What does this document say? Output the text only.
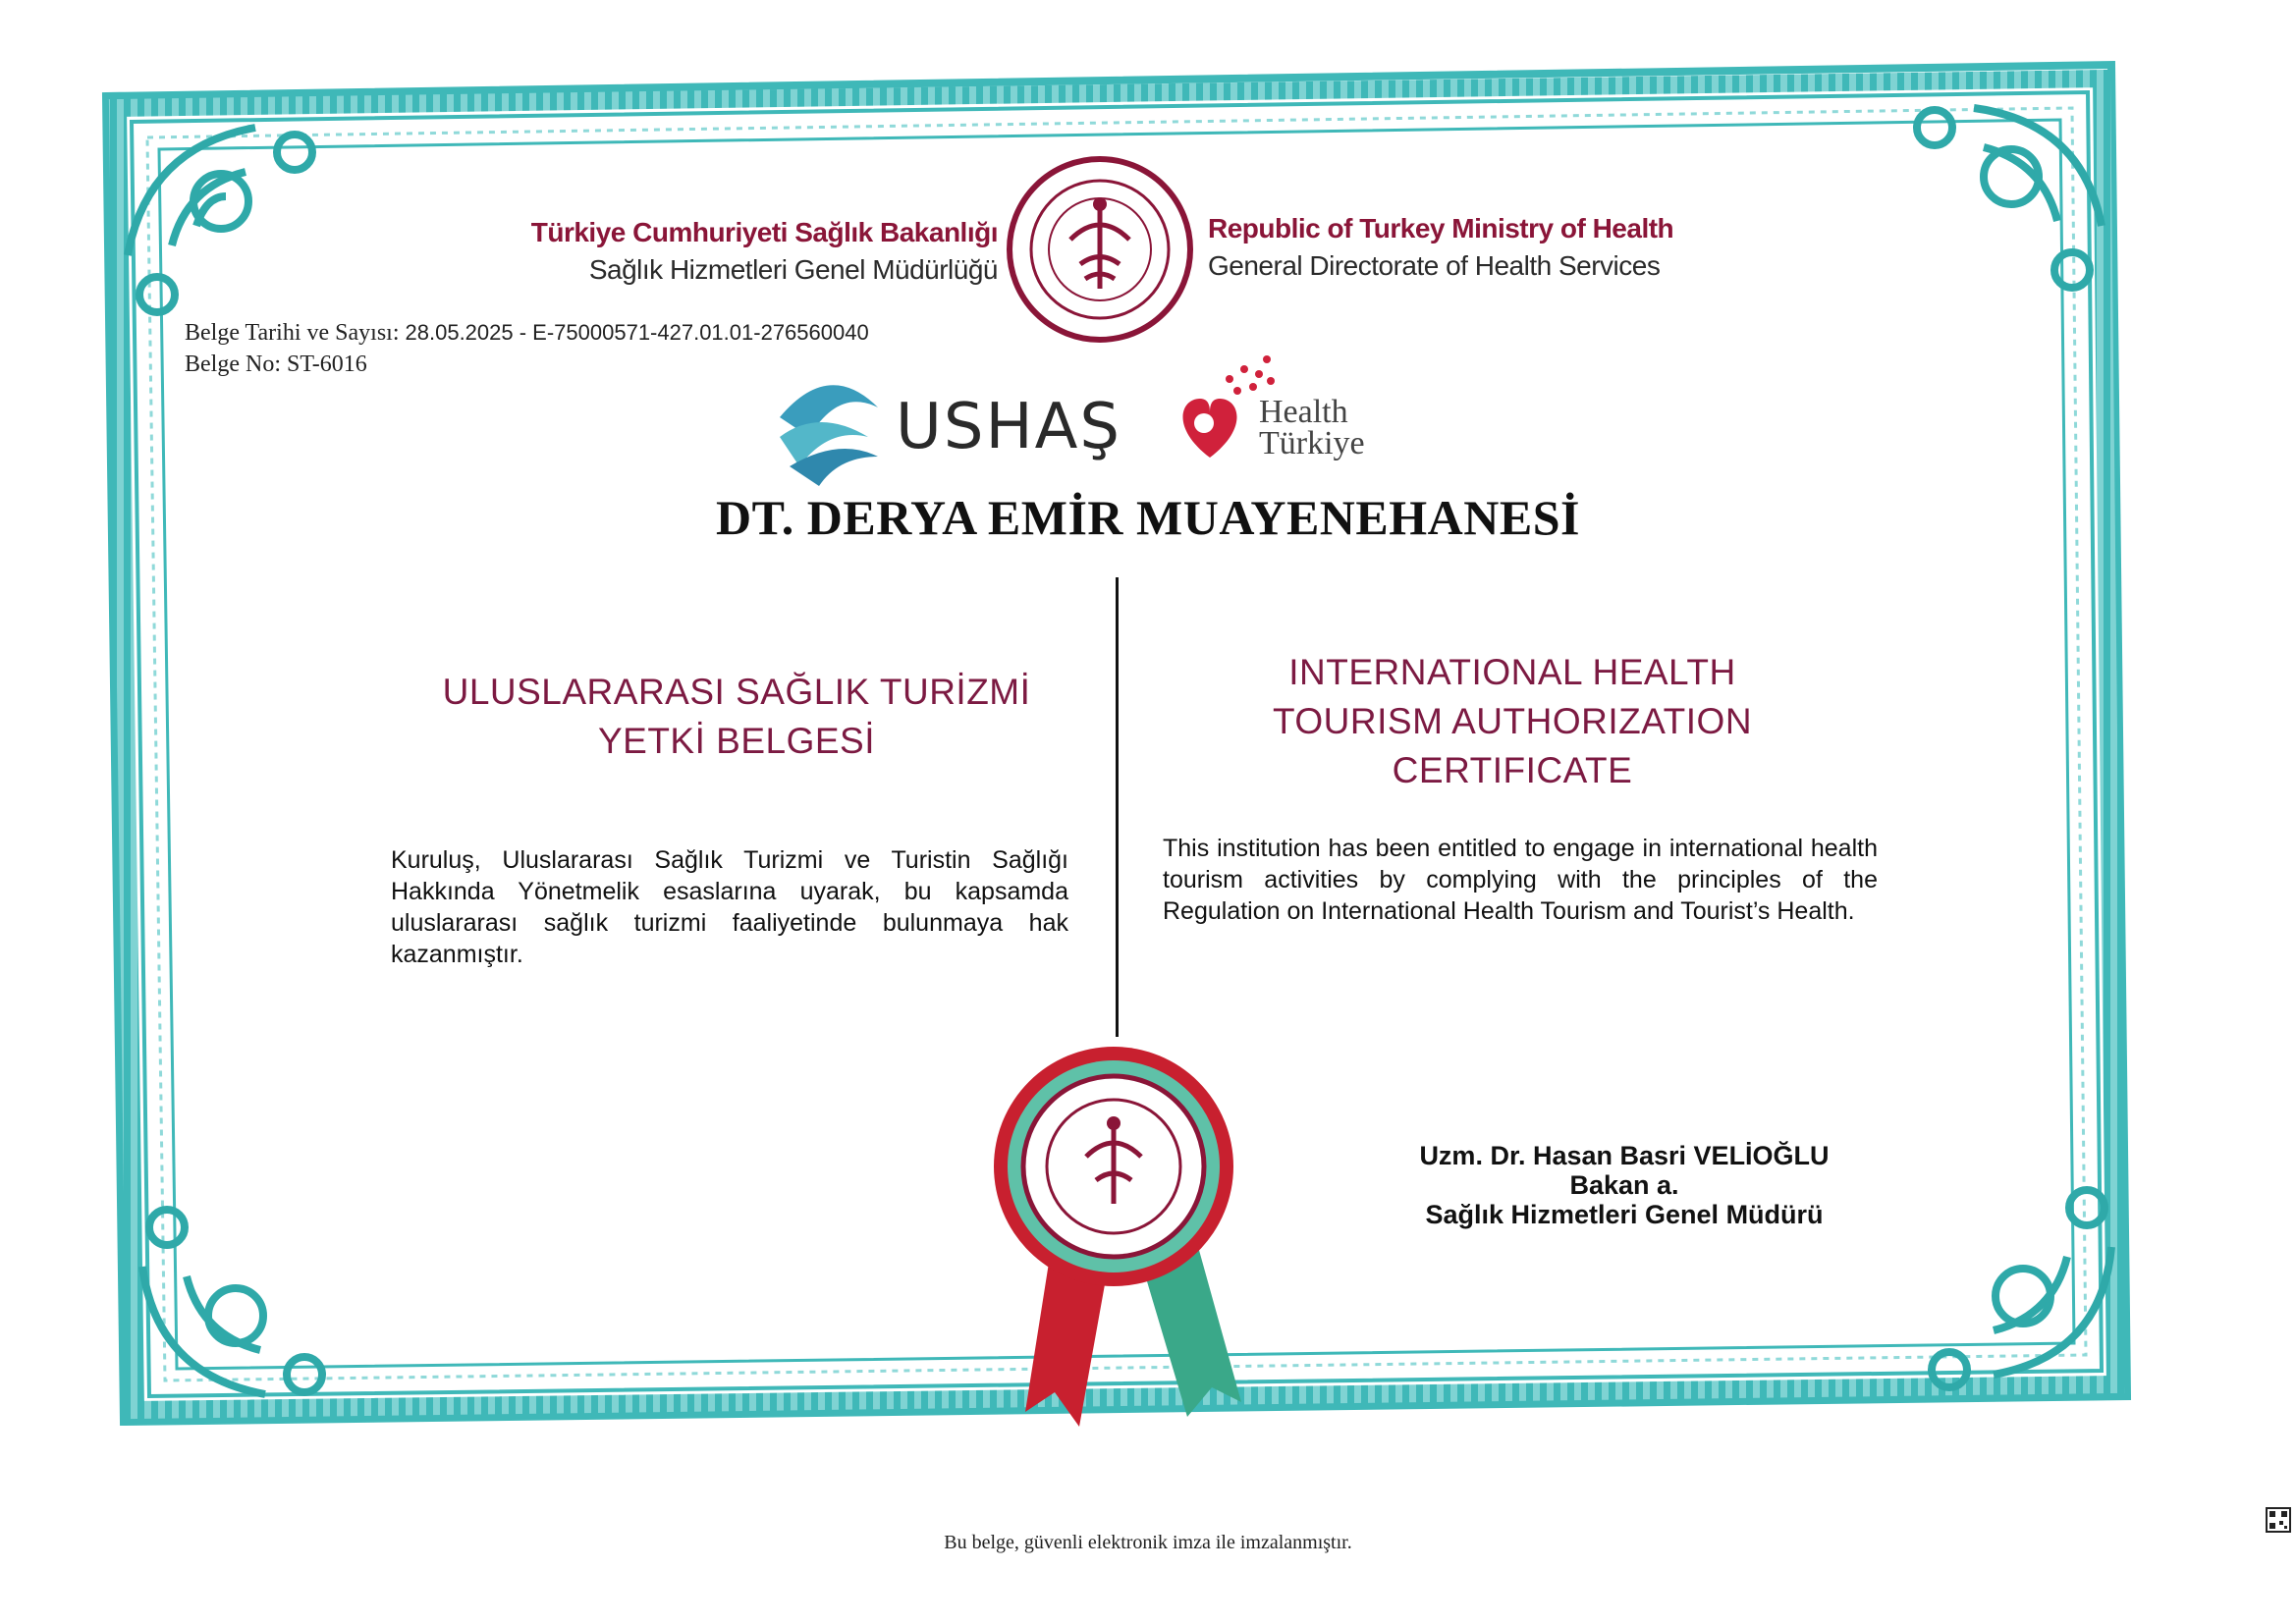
Türkiye Cumhuriyeti Sağlık Bakanlığı
Sağlık Hizmetleri Genel Müdürlüğü
Republic of Turkey Ministry of Health
General Directorate of Health Services
Belge Tarihi ve Sayısı: 28.05.2025 - E-75000571-427.01.01-276560040
Belge No: ST-6016
USHAŞ	Health
Türkiye
DT. DERYA EMİR MUAYENEHANESİ
ULUSLARARASI SAĞLIK TURİZMİ
YETKİ BELGESİ
INTERNATIONAL HEALTH
TOURISM AUTHORIZATION
CERTIFICATE
Kuruluş, Uluslararası Sağlık Turizmi ve Turistin Sağlığı Hakkında Yönetmelik esaslarına uyarak, bu kapsamda uluslararası sağlık turizmi faaliyetinde bulunmaya hak kazanmıştır.
This institution has been entitled to engage in international health tourism activities by complying with the principles of the Regulation on International Health Tourism and Tourist’s Health.
Uzm. Dr. Hasan Basri VELİOĞLU
Bakan a.
Sağlık Hizmetleri Genel Müdürü
Bu belge, güvenli elektronik imza ile imzalanmıştır.
